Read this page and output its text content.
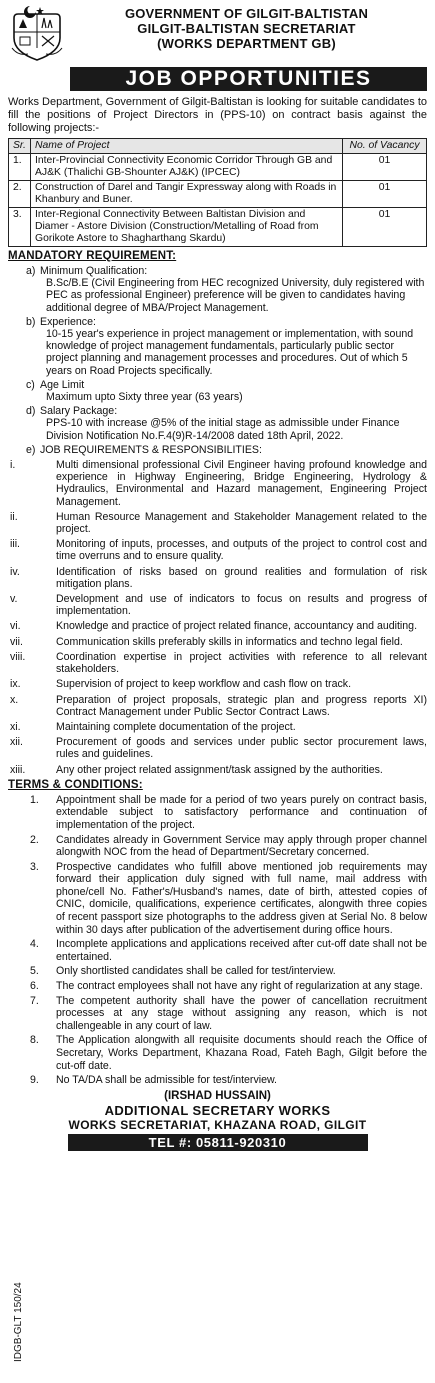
GOVERNMENT OF GILGIT-BALTISTAN
GILGIT-BALTISTAN SECRETARIAT
(WORKS DEPARTMENT GB)
JOB OPPORTUNITIES

Works Department, Government of Gilgit-Baltistan is looking for suitable candidates to fill the positions of Project Directors in (PPS-10) on contract basis against the following projects:-

Sr.	Name of Project	No. of Vacancy
1.	Inter-Provincial Connectivity Economic Corridor Through GB and AJ&K (Thalichi GB-Shounter AJ&K) (IPCEC)	01
2.	Construction of Darel and Tangir Expressway along with Roads in Khanbury and Buner.	01
3.	Inter-Regional Connectivity Between Baltistan Division and Diamer - Astore Division (Construction/Metalling of Road from Gorikote Astore to Shagharthang Skardu)	01
MANDATORY REQUIREMENT:
a) Minimum Qualification:
B.Sc/B.E (Civil Engineering from HEC recognized University, duly registered with PEC as professional Engineer) preference will be given to candidates having additional degree of MBA/Project Management.
b) Experience:
10-15 year's experience in project management or implementation, with sound knowledge of project management fundamentals, particularly public sector project planning and management processes and procedures. Out of which 5 years on Road Projects specifically.
c) Age Limit
Maximum upto Sixty three year (63 years)
d) Salary Package:
PPS-10 with increase @5% of the initial stage as admissible under Finance Division Notification No.F.4(9)R-14/2008 dated 18th April, 2022.
e) JOB REQUIREMENTS & RESPONSIBILITIES:
i.	Multi dimensional professional Civil Engineer having profound knowledge and experience in Highway Engineering, Bridge Engineering, Hydrology & Hydraulics, Environmental and Hazard management, Engineering Project Management.
ii.	Human Resource Management and Stakeholder Management related to the project.
iii.	Monitoring of inputs, processes, and outputs of the project to control cost and time overruns and to ensure quality.
iv.	Identification of risks based on ground realities and formulation of risk mitigation plans.
v.	Development and use of indicators to focus on results and progress of implementation.
vi.	Knowledge and practice of project related finance, accountancy and auditing.
vii.	Communication skills preferably skills in informatics and techno legal field.
viii.	Coordination expertise in project activities with reference to all relevant stakeholders.
ix.	Supervision of project to keep workflow and cash flow on track.
x.	Preparation of project proposals, strategic plan and progress reports XI) Contract Management under Public Sector Contract Laws.
xi.	Maintaining complete documentation of the project.
xii.	Procurement of goods and services under public sector procurement laws, rules and guidelines.
xiii.	Any other project related assignment/task assigned by the authorities.
TERMS & CONDITIONS:
1.	Appointment shall be made for a period of two years purely on contract basis, extendable subject to satisfactory performance and continuation of implementation of the project.
2.	Candidates already in Government Service may apply through proper channel alongwith NOC from the head of Department/Secretary concerned.
3.	Prospective candidates who fulfill above mentioned job requirements may forward their application duly signed with full name, mail address with phone/cell No. Father's/Husband's names, date of birth, attested copies of CNIC, domicile, qualifications, experience certificates, alongwith three copies of recent passport size photographs to the address given at Serial No. 8 below within 30 days after publication of the advertisement during office hours.
4.	Incomplete applications and applications received after cut-off date shall not be entertained.
5.	Only shortlisted candidates shall be called for test/interview.
6.	The contract employees shall not have any right of regularization at any stage.
7.	The competent authority shall have the power of cancellation recruitment processes at any stage without assigning any reason, which is not challengeable in any court of law.
8.	The Application alongwith all requisite documents should reach the Office of Secretary, Works Department, Khazana Road, Fateh Bagh, Gilgit before the cut-off date.
9.	No TA/DA shall be admissible for test/interview.
(IRSHAD HUSSAIN)
ADDITIONAL SECRETARY WORKS
WORKS SECRETARIAT, KHAZANA ROAD, GILGIT
TEL #: 05811-920310
IDGB-GLT 150/24
